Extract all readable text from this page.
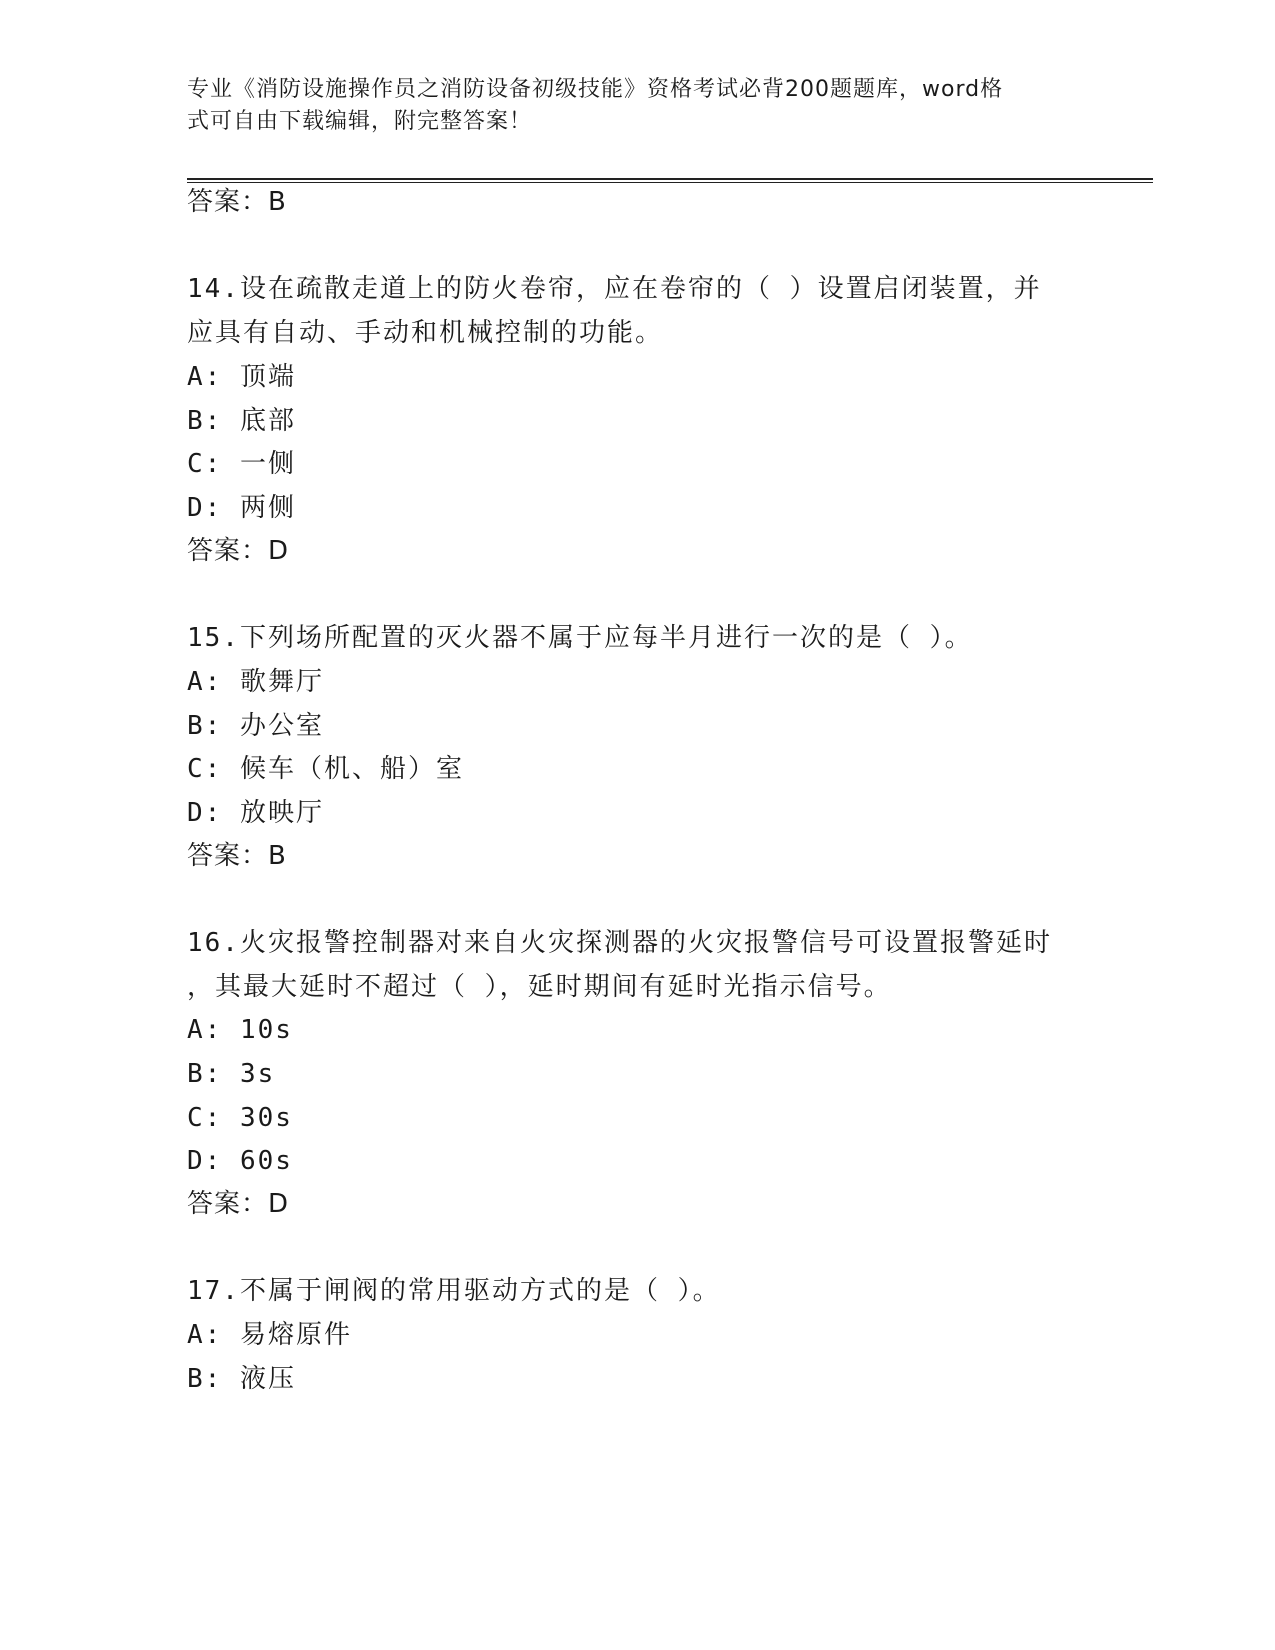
专业《消防设施操作员之消防设备初级技能》资格考试必背200题题库，word格
式可自由下载编辑，附完整答案！
答案：B
14.设在疏散走道上的防火卷帘，应在卷帘的（ ）设置启闭装置，并
应具有自动、手动和机械控制的功能。
A: 顶端
B: 底部
C: 一侧
D: 两侧
答案：D
15.下列场所配置的灭火器不属于应每半月进行一次的是（ ）。
A: 歌舞厅
B: 办公室
C: 候车（机、船）室
D: 放映厅
答案：B
16.火灾报警控制器对来自火灾探测器的火灾报警信号可设置报警延时
，其最大延时不超过（ ），延时期间有延时光指示信号。
A: 10s
B: 3s
C: 30s
D: 60s
答案：D
17.不属于闸阀的常用驱动方式的是（ ）。
A: 易熔原件
B: 液压
